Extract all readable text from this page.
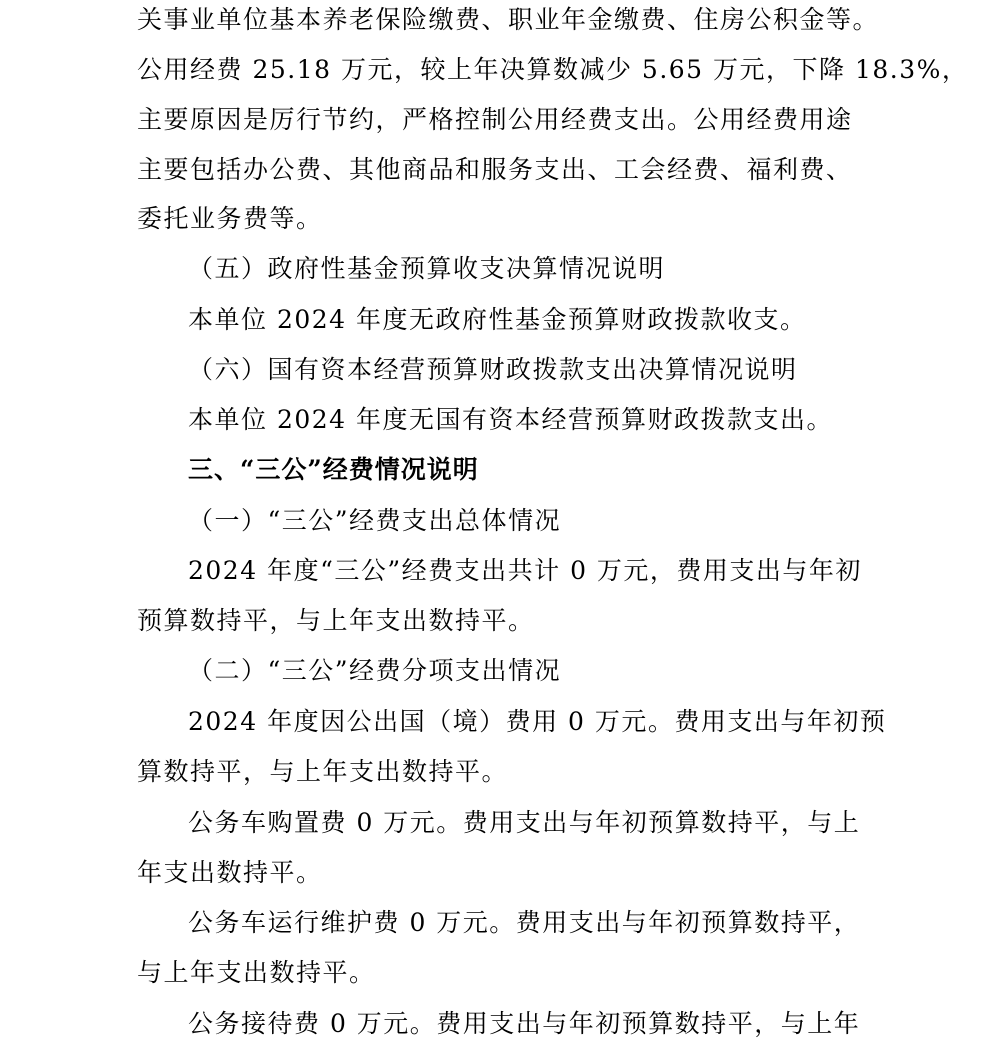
关事业单位基本养老保险缴费、职业年金缴费、住房公积金等。
公用经费 25.18 万元，较上年决算数减少 5.65 万元，下降 18.3%，
主要原因是厉行节约，严格控制公用经费支出。公用经费用途
主要包括办公费、其他商品和服务支出、工会经费、福利费、
委托业务费等。
（五）政府性基金预算收支决算情况说明
本单位 2024 年度无政府性基金预算财政拨款收支。
（六）国有资本经营预算财政拨款支出决算情况说明
本单位 2024 年度无国有资本经营预算财政拨款支出。
三、“三公”经费情况说明
（一）“三公”经费支出总体情况
2024 年度“三公”经费支出共计 0 万元，费用支出与年初
预算数持平，与上年支出数持平。
（二）“三公”经费分项支出情况
2024 年度因公出国（境）费用 0 万元。费用支出与年初预
算数持平，与上年支出数持平。
公务车购置费 0 万元。费用支出与年初预算数持平，与上
年支出数持平。
公务车运行维护费 0 万元。费用支出与年初预算数持平，
与上年支出数持平。
公务接待费 0 万元。费用支出与年初预算数持平，与上年
